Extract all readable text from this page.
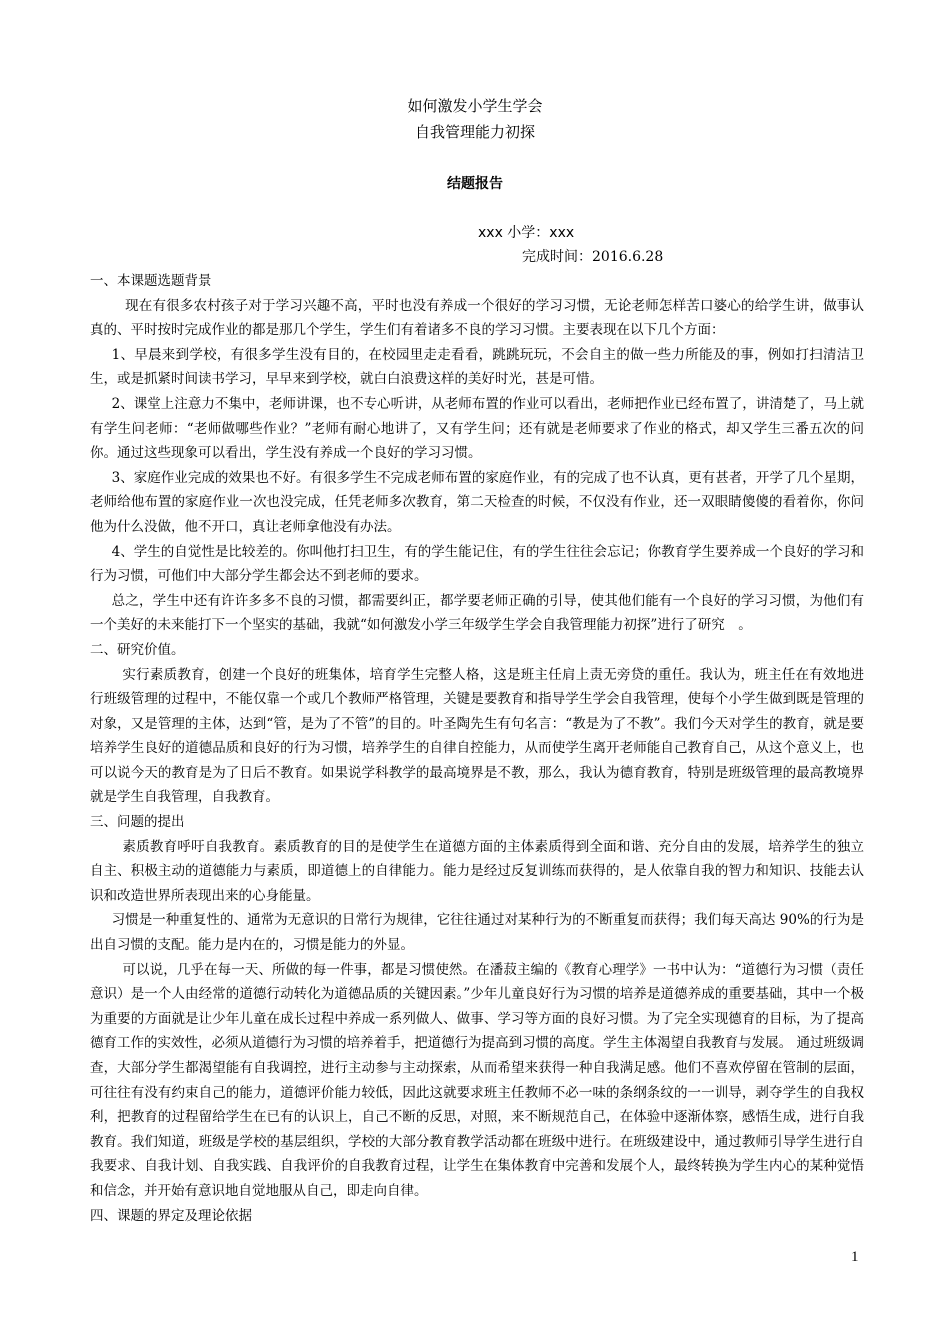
如何激发小学生学会
自我管理能力初探
结题报告
xxx 小学：xxx
完成时间：2016.6.28

一、本课题选题背景

现在有很多农村孩子对于学习兴趣不高，平时也没有养成一个很好的学习习惯，无论老师怎样苦口婆心的给学生讲，做事认真的、平时按时完成作业的都是那几个学生，学生们有着诸多不良的学习习惯。主要表现在以下几个方面：

1、早晨来到学校，有很多学生没有目的，在校园里走走看看，跳跳玩玩，不会自主的做一些力所能及的事，例如打扫清洁卫生，或是抓紧时间读书学习，早早来到学校，就白白浪费这样的美好时光，甚是可惜。

2、课堂上注意力不集中，老师讲课，也不专心听讲，从老师布置的作业可以看出，老师把作业已经布置了，讲清楚了，马上就有学生问老师：“老师做哪些作业？”老师有耐心地讲了，又有学生问；还有就是老师要求了作业的格式，却又学生三番五次的问你。通过这些现象可以看出，学生没有养成一个良好的学习习惯。

3、家庭作业完成的效果也不好。有很多学生不完成老师布置的家庭作业，有的完成了也不认真，更有甚者，开学了几个星期，老师给他布置的家庭作业一次也没完成，任凭老师多次教育，第二天检查的时候，不仅没有作业，还一双眼睛傻傻的看着你，你问他为什么没做，他不开口，真让老师拿他没有办法。

4、学生的自觉性是比较差的。你叫他打扫卫生，有的学生能记住，有的学生往往会忘记；你教育学生要养成一个良好的学习和行为习惯，可他们中大部分学生都会达不到老师的要求。

总之，学生中还有许许多多不良的习惯，都需要纠正，都学要老师正确的引导，使其他们能有一个良好的学习习惯，为他们有一个美好的未来能打下一个坚实的基础，我就“如何激发小学三年级学生学会自我管理能力初探”进行了研究　。

二、研究价值。

实行素质教育，创建一个良好的班集体，培育学生完整人格，这是班主任肩上责无旁贷的重任。我认为，班主任在有效地进行班级管理的过程中，不能仅靠一个或几个教师严格管理，关键是要教育和指导学生学会自我管理，使每个小学生做到既是管理的对象，又是管理的主体，达到“管，是为了不管”的目的。叶圣陶先生有句名言：“教是为了不教”。我们今天对学生的教育，就是要培养学生良好的道德品质和良好的行为习惯，培养学生的自律自控能力，从而使学生离开老师能自己教育自己，从这个意义上，也可以说今天的教育是为了日后不教育。如果说学科教学的最高境界是不教，那么，我认为德育教育，特别是班级管理的最高教境界就是学生自我管理，自我教育。

三、问题的提出

素质教育呼吁自我教育。素质教育的目的是使学生在道德方面的主体素质得到全面和谐、充分自由的发展，培养学生的独立自主、积极主动的道德能力与素质，即道德上的自律能力。能力是经过反复训练而获得的，是人依靠自我的智力和知识、技能去认识和改造世界所表现出来的心身能量。

习惯是一种重复性的、通常为无意识的日常行为规律，它往往通过对某种行为的不断重复而获得；我们每天高达 90%的行为是出自习惯的支配。能力是内在的，习惯是能力的外显。

可以说，几乎在每一天、所做的每一件事，都是习惯使然。在潘菽主编的《教育心理学》一书中认为：“道德行为习惯（责任意识）是一个人由经常的道德行动转化为道德品质的关键因素。”少年儿童良好行为习惯的培养是道德养成的重要基础，其中一个极为重要的方面就是让少年儿童在成长过程中养成一系列做人、做事、学习等方面的良好习惯。为了完全实现德育的目标，为了提高德育工作的实效性，必须从道德行为习惯的培养着手，把道德行为提高到习惯的高度。学生主体渴望自我教育与发展。 通过班级调查，大部分学生都渴望能有自我调控，进行主动参与主动探索，从而希望来获得一种自我满足感。他们不喜欢停留在管制的层面，可往往有没有约束自己的能力，道德评价能力较低，因此这就要求班主任教师不必一味的条纲条纹的一一训导，剥夺学生的自我权利，把教育的过程留给学生在已有的认识上，自己不断的反思，对照，来不断规范自己，在体验中逐渐体察，感悟生成，进行自我教育。我们知道，班级是学校的基层组织，学校的大部分教育教学活动都在班级中进行。在班级建设中，通过教师引导学生进行自我要求、自我计划、自我实践、自我评价的自我教育过程，让学生在集体教育中完善和发展个人，最终转换为学生内心的某种觉悟和信念，并开始有意识地自觉地服从自己，即走向自律。

四、课题的界定及理论依据

1
